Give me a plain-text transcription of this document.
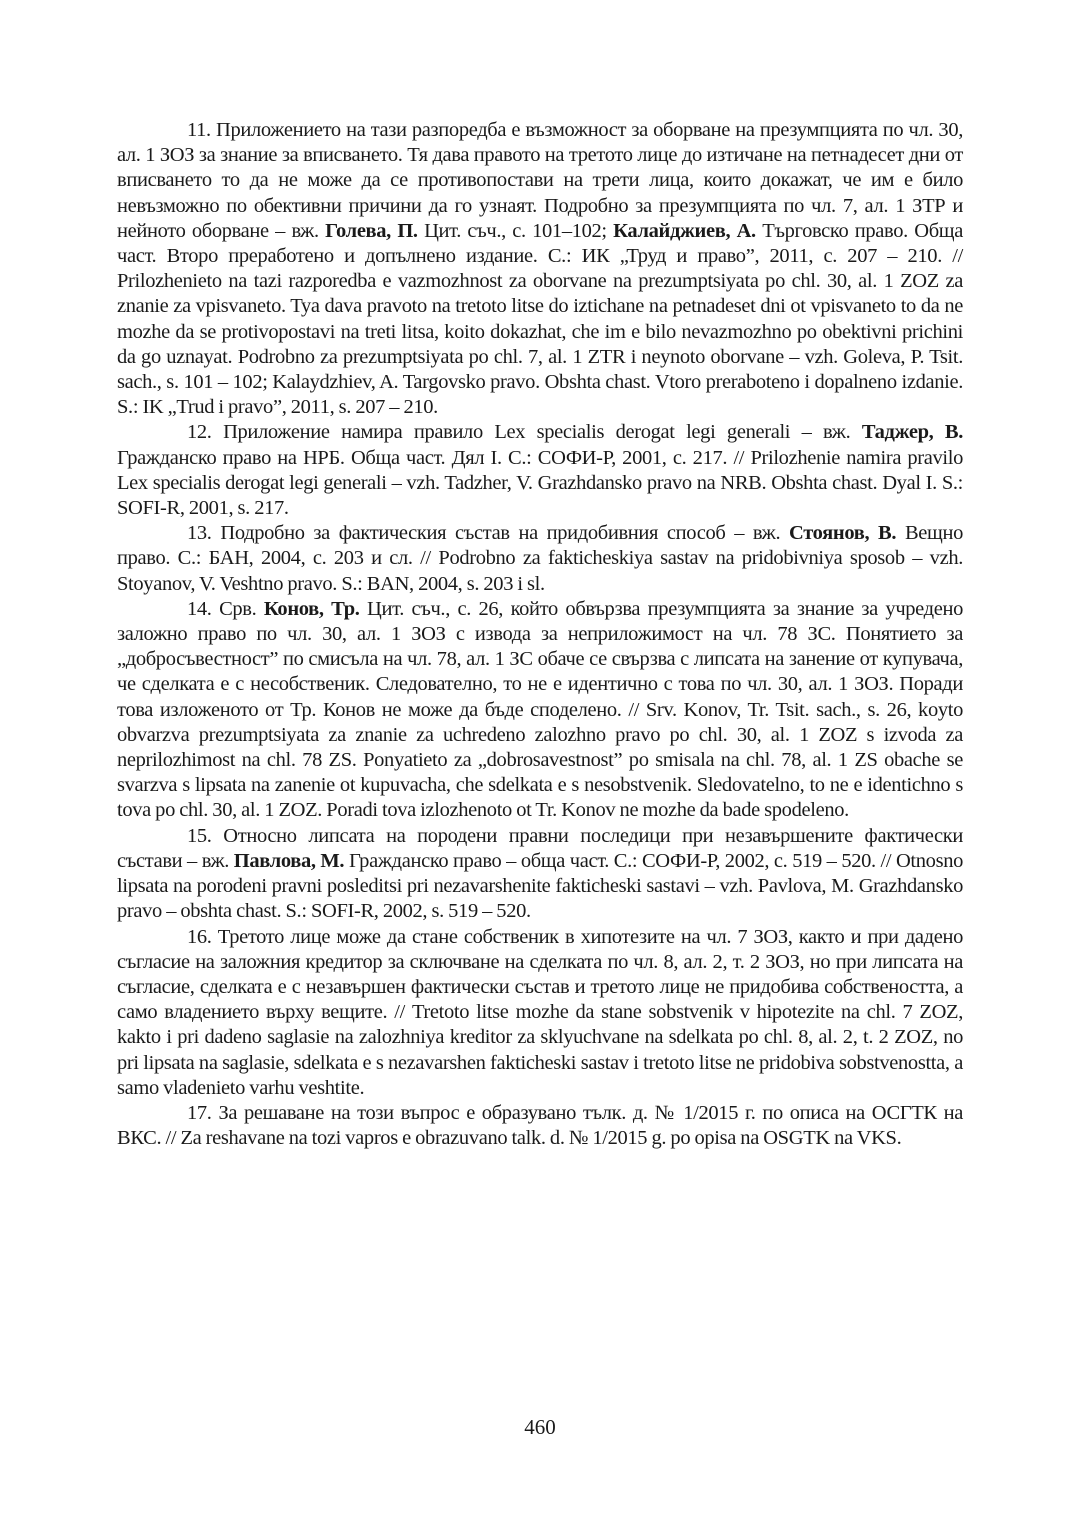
11. Приложението на тази разпоредба е възможност за оборване на презумпцията по чл. 30, ал. 1 ЗОЗ за знание за вписването. Тя дава правото на третото лице до изтичане на петнадесет дни от вписването то да не може да се противопостави на трети лица, които докажат, че им е било невъзможно по обективни причини да го узнаят. Подробно за презумпцията по чл. 7, ал. 1 ЗТР и нейното оборване – вж. Голева, П. Цит. съч., с. 101–102; Калайджиев, А. Търговско право. Обща част. Второ преработено и допълнено издание. С.: ИК „Труд и право”, 2011, с. 207 – 210. // Prilozhenieto na tazi razporedba e vazmozhnost za oborvane na prezumptsiyata po chl. 30, al. 1 ZOZ za znanie za vpisvaneto. Tya dava pravoto na tretoto litse do iztichane na petnadeset dni ot vpisvaneto to da ne mozhe da se protivopostavi na treti litsa, koito dokazhat, che im e bilo nevazmozhno po obektivni prichini da go uznayat. Podrobno za prezumptsiyata po chl. 7, al. 1 ZTR i neynoto oborvane – vzh. Goleva, P. Tsit. sach., s. 101 – 102; Kalaydzhiev, A. Targovsko pravo. Obshta chast. Vtoro preraboteno i dopalneno izdanie. S.: IK „Trud i pravo”, 2011, s. 207 – 210.

12. Приложение намира правило Lex specialis derogat legi generali – вж. Таджер, В. Гражданско право на НРБ. Обща част. Дял I. С.: СОФИ-Р, 2001, с. 217. // Prilozhenie namira pravilo Lex specialis derogat legi generali – vzh. Tadzher, V. Grazhdansko pravo na NRB. Obshta chast. Dyal I. S.: SOFI-R, 2001, s. 217.

13. Подробно за фактическия състав на придобивния способ – вж. Стоянов, В. Вещно право. С.: БАН, 2004, с. 203 и сл. // Podrobno za fakticheskiya sastav na pridobivniya sposob – vzh. Stoyanov, V. Veshtno pravo. S.: BAN, 2004, s. 203 i sl.

14. Срв. Конов, Тр. Цит. съч., с. 26, който обвързва презумпцията за знание за учредено заложно право по чл. 30, ал. 1 ЗОЗ с извода за неприложимост на чл. 78 ЗС. Понятието за „добросъвестност” по смисъла на чл. 78, ал. 1 ЗС обаче се свързва с липсата на занение от купувача, че сделката е с несобственик. Следователно, то не е идентично с това по чл. 30, ал. 1 ЗОЗ. Поради това изложеното от Тр. Конов не може да бъде споделено. // Srv. Konov, Tr. Tsit. sach., s. 26, koyto obvarzva prezumptsiyata za znanie za uchredeno zalozhno pravo po chl. 30, al. 1 ZOZ s izvoda za neprilozhimost na chl. 78 ZS. Ponyatieto za „dobrosavestnost” po smisala na chl. 78, al. 1 ZS obache se svarzva s lipsata na zanenie ot kupuvacha, che sdelkata e s nesobstvenik. Sledovatelno, to ne e identichno s tova po chl. 30, al. 1 ZOZ. Poradi tova izlozhenoto ot Tr. Konov ne mozhe da bade spodeleno.

15. Относно липсата на породени правни последици при незавършените фактически състави – вж. Павлова, М. Гражданско право – обща част. С.: СОФИ-Р, 2002, с. 519 – 520. // Otnosno lipsata na porodeni pravni posleditsi pri nezavarshenite fakticheski sastavi – vzh. Pavlova, M. Grazhdansko pravo – obshta chast. S.: SOFI-R, 2002, s. 519 – 520.

16. Третото лице може да стане собственик в хипотезите на чл. 7 ЗОЗ, както и при дадено съгласие на заложния кредитор за сключване на сделката по чл. 8, ал. 2, т. 2 ЗОЗ, но при липсата на съгласие, сделката е с незавършен фактически състав и третото лице не придобива собствеността, а само владението върху вещите. // Tretoto litse mozhe da stane sobstvenik v hipotezite na chl. 7 ZOZ, kakto i pri dadeno saglasie na zalozhniya kreditor za sklyuchvane na sdelkata po chl. 8, al. 2, t. 2 ZOZ, no pri lipsata na saglasie, sdelkata e s nezavarshen fakticheski sastav i tretoto litse ne pridobiva sobstvenostta, a samo vladenieto varhu veshtite.

17. За решаване на този въпрос е образувано тълк. д. № 1/2015 г. по описа на ОСГТК на ВКС. // Za reshavane na tozi vapros e obrazuvano talk. d. № 1/2015 g. po opisa na OSGTK na VKS.

460
